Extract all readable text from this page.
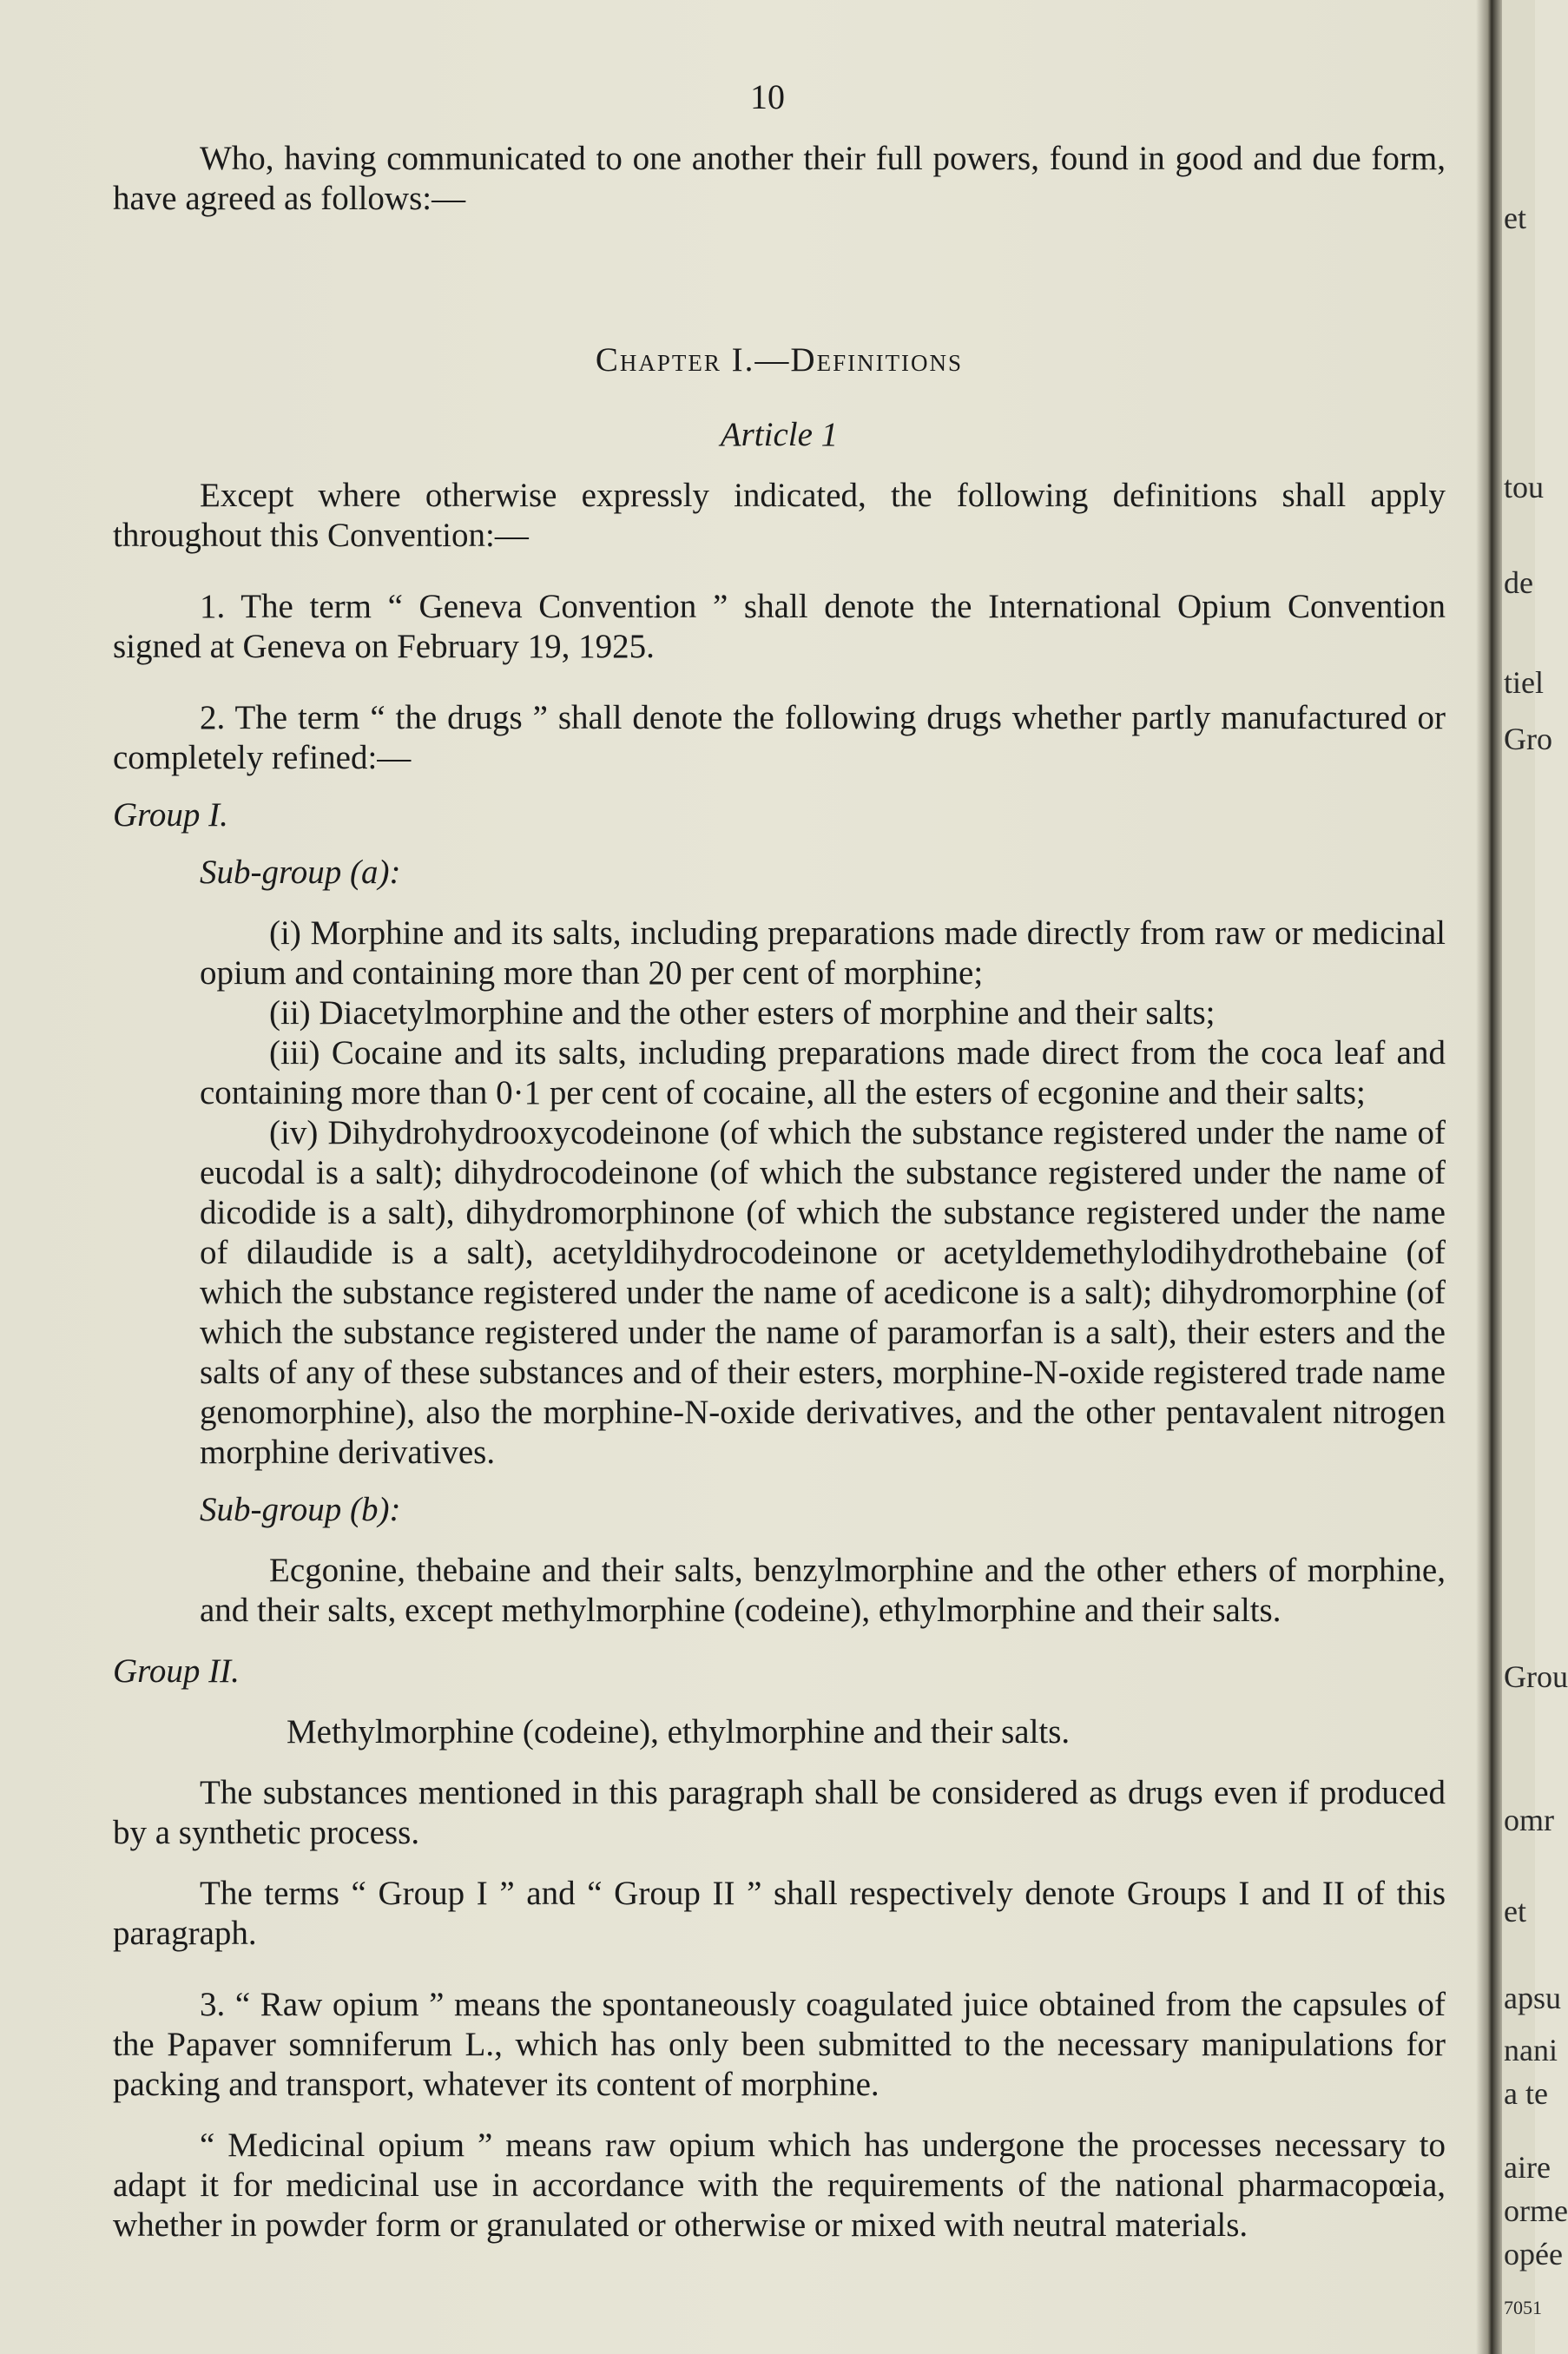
et
tou
de
tiel
Gro
Grou
omr
et
apsu
nani
a te
aire
orme
opée
7051
10

Who, having communicated to one another their full powers, found in good and due form, have agreed as follows:—

Chapter I.—Definitions

Article 1

Except where otherwise expressly indicated, the following definitions shall apply throughout this Convention:—

1. The term “ Geneva Convention ” shall denote the International Opium Convention signed at Geneva on February 19, 1925.

2. The term “ the drugs ” shall denote the following drugs whether partly manufactured or completely refined:—

Group I.

Sub-group (a):

(i) Morphine and its salts, including preparations made directly from raw or medicinal opium and containing more than 20 per cent of morphine;

(ii) Diacetylmorphine and the other esters of morphine and their salts;

(iii) Cocaine and its salts, including preparations made direct from the coca leaf and containing more than 0·1 per cent of cocaine, all the esters of ecgonine and their salts;

(iv) Dihydrohydrooxycodeinone (of which the substance registered under the name of eucodal is a salt); dihydrocodeinone (of which the substance registered under the name of dicodide is a salt), dihydromorphinone (of which the substance registered under the name of dilaudide is a salt), acetyldihydrocodeinone or acetyldemethylodihydrothebaine (of which the substance registered under the name of acedicone is a salt); dihydromorphine (of which the substance registered under the name of paramorfan is a salt), their esters and the salts of any of these substances and of their esters, morphine-N-oxide registered trade name genomorphine), also the morphine-N-oxide derivatives, and the other pentavalent nitrogen morphine derivatives.

Sub-group (b):

Ecgonine, thebaine and their salts, benzylmorphine and the other ethers of morphine, and their salts, except methylmorphine (codeine), ethylmorphine and their salts.

Group II.

Methylmorphine (codeine), ethylmorphine and their salts.

The substances mentioned in this paragraph shall be considered as drugs even if produced by a synthetic process.

The terms “ Group I ” and “ Group II ” shall respectively denote Groups I and II of this paragraph.

3. “ Raw opium ” means the spontaneously coagulated juice obtained from the capsules of the Papaver somniferum L., which has only been submitted to the necessary manipulations for packing and transport, whatever its content of morphine.

“ Medicinal opium ” means raw opium which has undergone the processes necessary to adapt it for medicinal use in accordance with the requirements of the national pharmacopœia, whether in powder form or granulated or otherwise or mixed with neutral materials.
